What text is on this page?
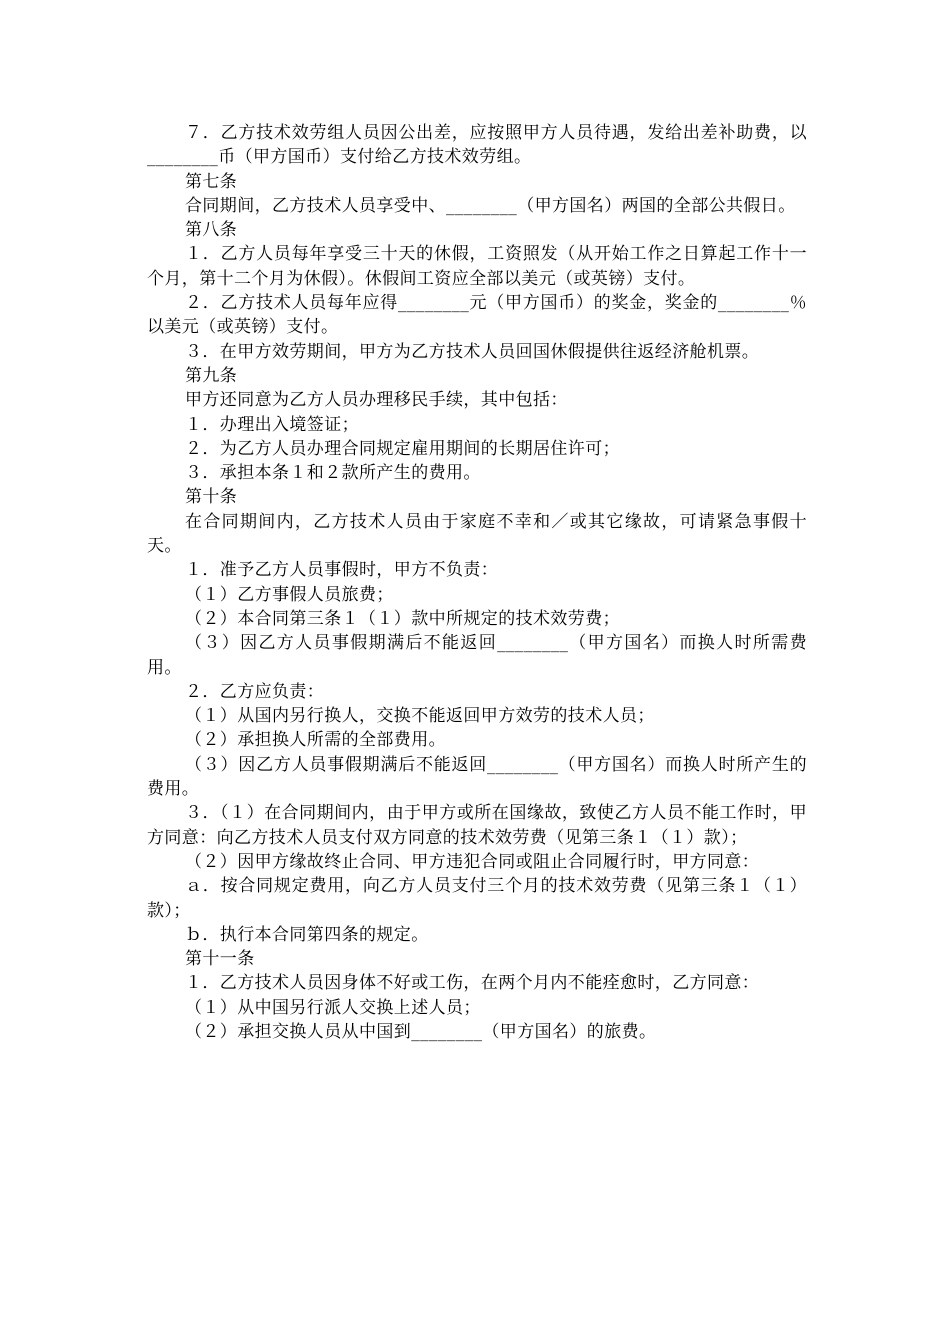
７．乙方技术效劳组人员因公出差，应按照甲方人员待遇，发给出差补助费，以________币（甲方国币）支付给乙方技术效劳组。

第七条

合同期间，乙方技术人员享受中、________（甲方国名）两国的全部公共假日。

第八条

１．乙方人员每年享受三十天的休假，工资照发（从开始工作之日算起工作十一个月，第十二个月为休假）。休假间工资应全部以美元（或英镑）支付。

２．乙方技术人员每年应得________元（甲方国币）的奖金，奖金的________％以美元（或英镑）支付。

３．在甲方效劳期间，甲方为乙方技术人员回国休假提供往返经济舱机票。

第九条

甲方还同意为乙方人员办理移民手续，其中包括：

１．办理出入境签证；

２．为乙方人员办理合同规定雇用期间的长期居住许可；

３．承担本条１和２款所产生的费用。

第十条

在合同期间内，乙方技术人员由于家庭不幸和／或其它缘故，可请紧急事假十天。

１．准予乙方人员事假时，甲方不负责：

（１）乙方事假人员旅费；

（２）本合同第三条１（１）款中所规定的技术效劳费；

（３）因乙方人员事假期满后不能返回________（甲方国名）而换人时所需费用。

２．乙方应负责：

（１）从国内另行换人，交换不能返回甲方效劳的技术人员；

（２）承担换人所需的全部费用。

（３）因乙方人员事假期满后不能返回________（甲方国名）而换人时所产生的费用。

３．（１）在合同期间内，由于甲方或所在国缘故，致使乙方人员不能工作时，甲方同意：向乙方技术人员支付双方同意的技术效劳费（见第三条１（１）款）；

（２）因甲方缘故终止合同、甲方违犯合同或阻止合同履行时，甲方同意：

ａ．按合同规定费用，向乙方人员支付三个月的技术效劳费（见第三条１（１）款）；

ｂ．执行本合同第四条的规定。

第十一条

１．乙方技术人员因身体不好或工伤，在两个月内不能痊愈时，乙方同意：

（１）从中国另行派人交换上述人员；

（２）承担交换人员从中国到________（甲方国名）的旅费。
